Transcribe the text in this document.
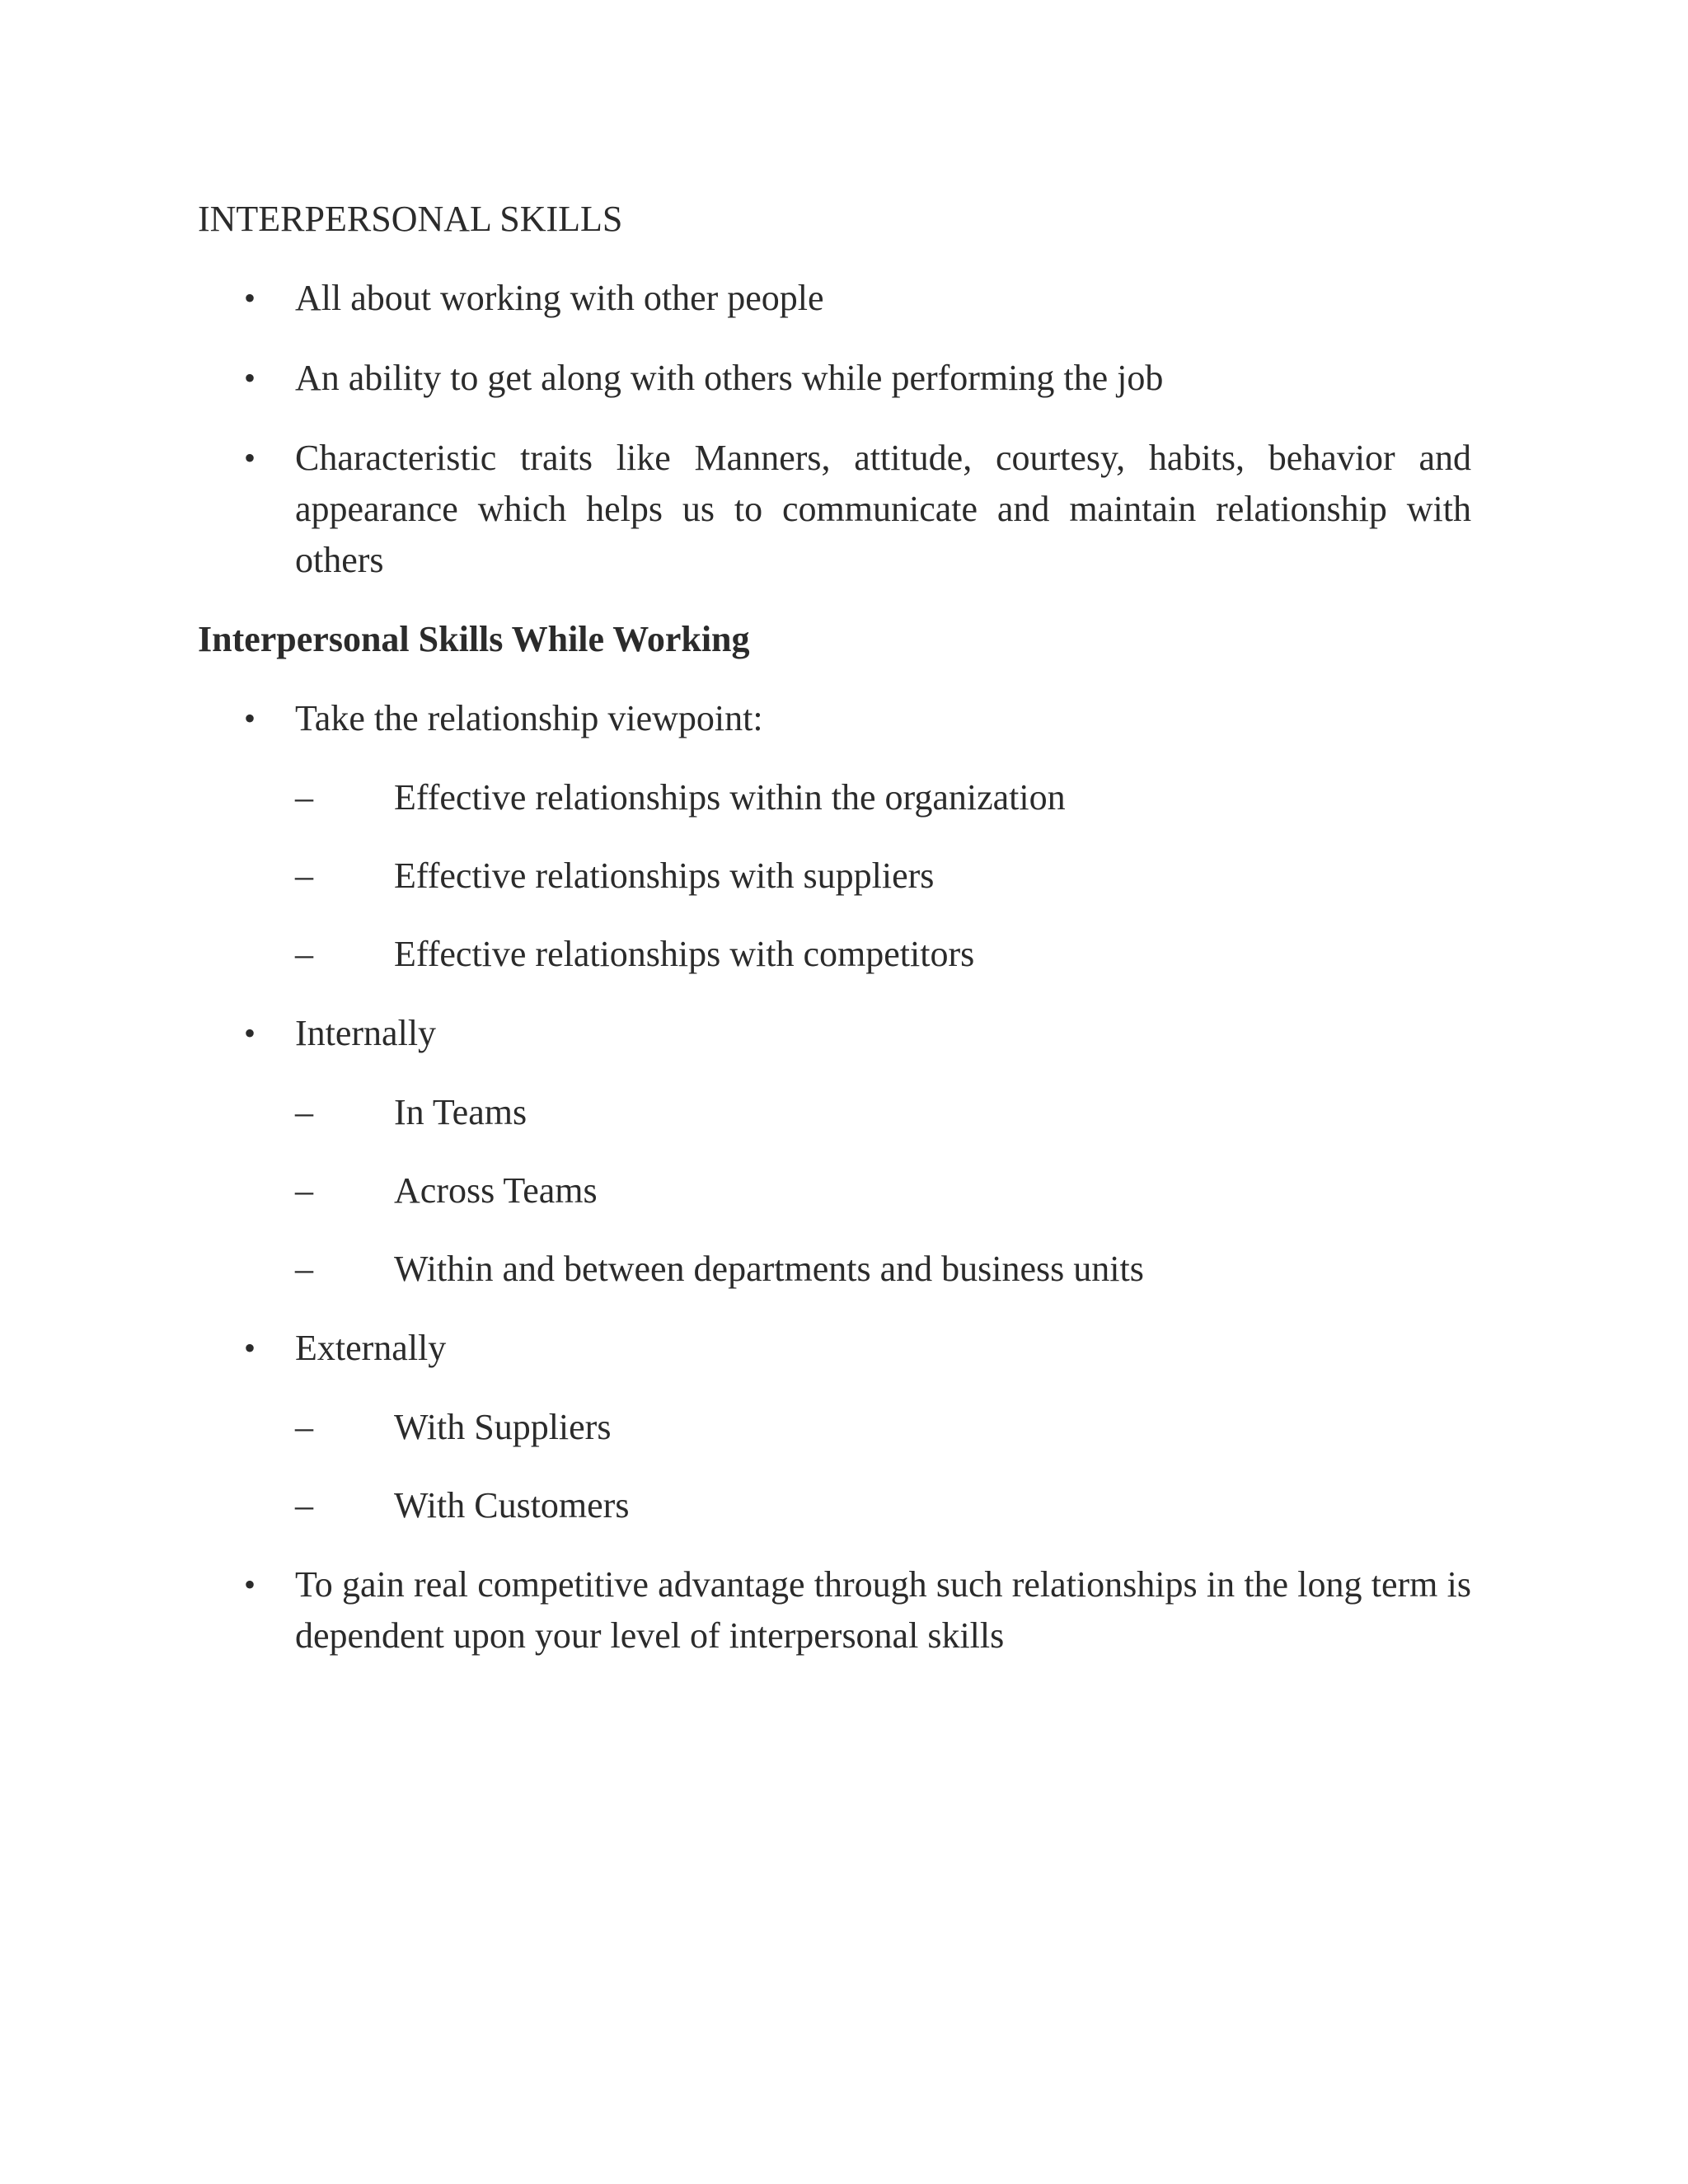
INTERPERSONAL SKILLS
• All about working with other people
• An ability to get along with others while performing the job
• Characteristic traits like Manners, attitude, courtesy, habits, behavior and appearance which helps us to communicate and maintain relationship with others
Interpersonal Skills While Working
• Take the relationship viewpoint:
– Effective relationships within the organization
– Effective relationships with suppliers
– Effective relationships with competitors
• Internally
– In Teams
– Across Teams
– Within and between departments and business units
• Externally
– With Suppliers
– With Customers
• To gain real competitive advantage through such relationships in the long term is dependent upon your level of interpersonal skills
